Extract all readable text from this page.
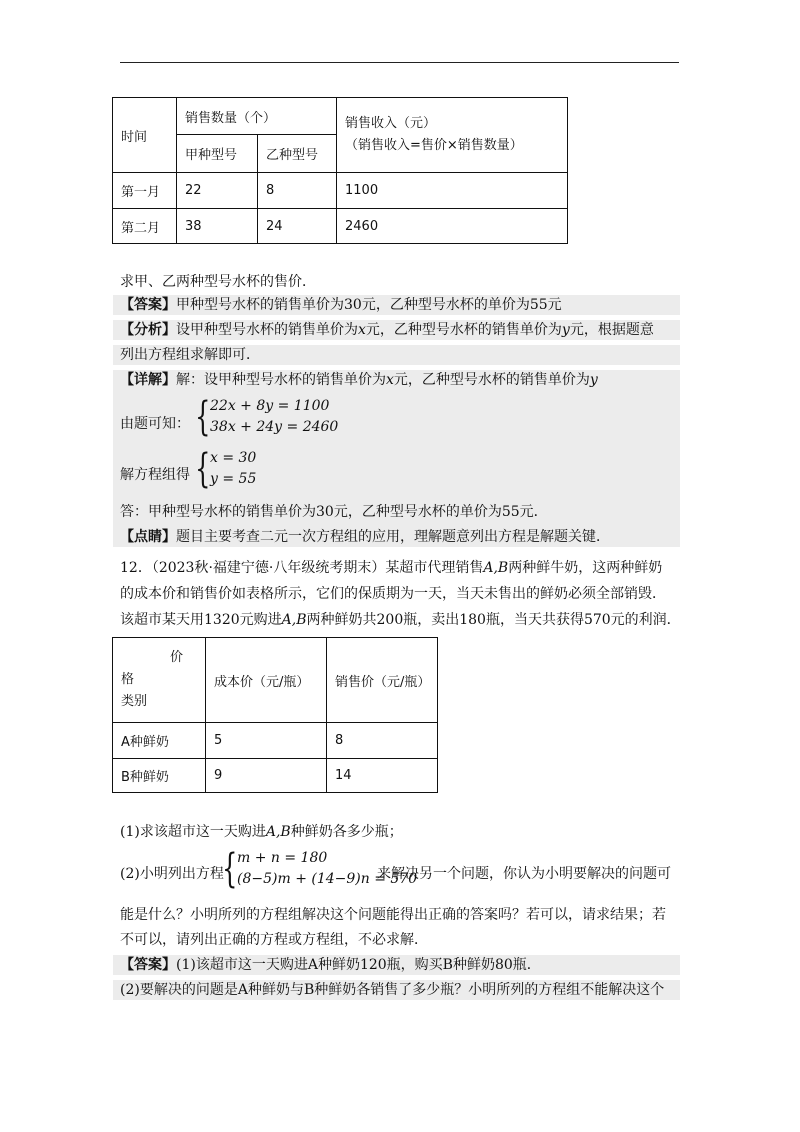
时间	销售数量（个）		销售收入（元）
（销售收入=售价×销售数量）

	甲种型号	乙种型号	
第一月	22	8	1100
第二月	38	24	2460
求甲、乙两种型号水杯的售价．
【答案】甲种型号水杯的销售单价为30元，乙种型号水杯的单价为55元
【分析】设甲种型号水杯的销售单价为x元，乙种型号水杯的销售单价为y元，根据题意
列出方程组求解即可．
【详解】解：设甲种型号水杯的销售单价为x元，乙种型号水杯的销售单价为y
由题可知： { 22x + 8y = 1100
38x + 24y = 2460
解方程组得 { x = 30
y = 55
答：甲种型号水杯的销售单价为30元，乙种型号水杯的单价为55元．
【点睛】题目主要考查二元一次方程组的应用，理解题意列出方程是解题关键．
12．（2023秋·福建宁德·八年级统考期末）某超市代理销售A,B两种鲜牛奶，这两种鲜奶
的成本价和销售价如表格所示，它们的保质期为一天，当天未售出的鲜奶必须全部销毁．
该超市某天用1320元购进A,B两种鲜奶共200瓶，卖出180瓶，当天共获得570元的利润．
价
格
类别	成本价（元/瓶）	销售价（元/瓶）
A种鲜奶	5	8
B种鲜奶	9	14
(1)求该超市这一天购进A,B种鲜奶各多少瓶；
(2)小明列出方程
{ m + n = 180
(8−5)m + (14−9)n = 570
来解决另一个问题，你认为小明要解决的问题可
能是什么？小明所列的方程组解决这个问题能得出正确的答案吗？若可以，请求结果；若
不可以，请列出正确的方程或方程组，不必求解．
【答案】(1)该超市这一天购进A种鲜奶120瓶，购买B种鲜奶80瓶．
(2)要解决的问题是A种鲜奶与B种鲜奶各销售了多少瓶？小明所列的方程组不能解决这个
